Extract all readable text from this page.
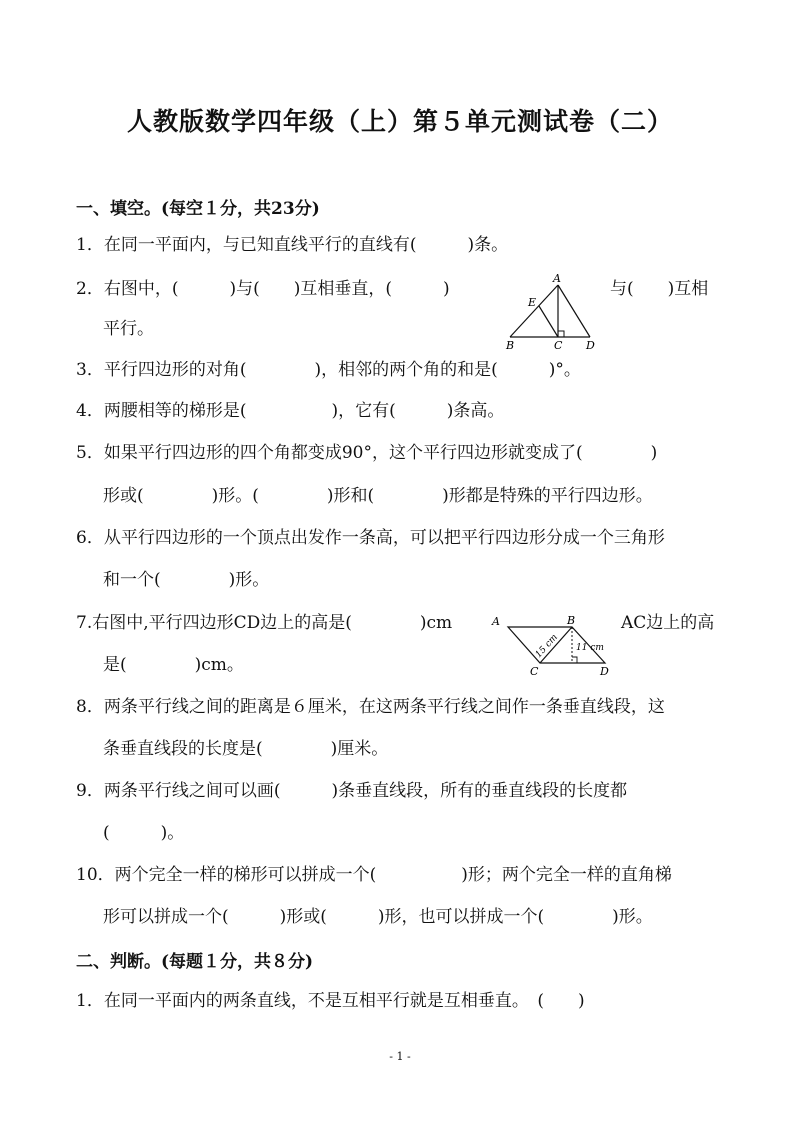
人教版数学四年级（上）第５单元测试卷（二）
一、填空。(每空１分，共23分)
1．在同一平面内，与已知直线平行的直线有(　　　)条。
2．右图中，(　　　)与(　　)互相垂直，(　　　)	与(　　)互相
平行。
A
E
B	C D
3．平行四边形的对角(　　　　)，相邻的两个角的和是(　　　)°。
4．两腰相等的梯形是(　　　　　)，它有(　　　)条高。
5．如果平行四边形的四个角都变成90°，这个平行四边形就变成了(　　　　)
形或(　　　　)形。(　　　　)形和(　　　　)形都是特殊的平行四边形。
6．从平行四边形的一个顶点出发作一条高，可以把平行四边形分成一个三角形
和一个(　　　　)形。
7.右图中,平行四边形CD边上的高是(　　　　)cm	AC边上的高
是(　　　　)cm。
A	B
C	D
15 cm 11 cm
8．两条平行线之间的距离是６厘米，在这两条平行线之间作一条垂直线段，这
条垂直线段的长度是(　　　　)厘米。
9．两条平行线之间可以画(　　　)条垂直线段，所有的垂直线段的长度都
(　　　)。
10．两个完全一样的梯形可以拼成一个(　　　　　)形；两个完全一样的直角梯
形可以拼成一个(　　　)形或(　　　)形，也可以拼成一个(　　　　)形。
二、判断。(每题１分，共８分)
1．在同一平面内的两条直线，不是互相平行就是互相垂直。　(　　)
- 1 -
